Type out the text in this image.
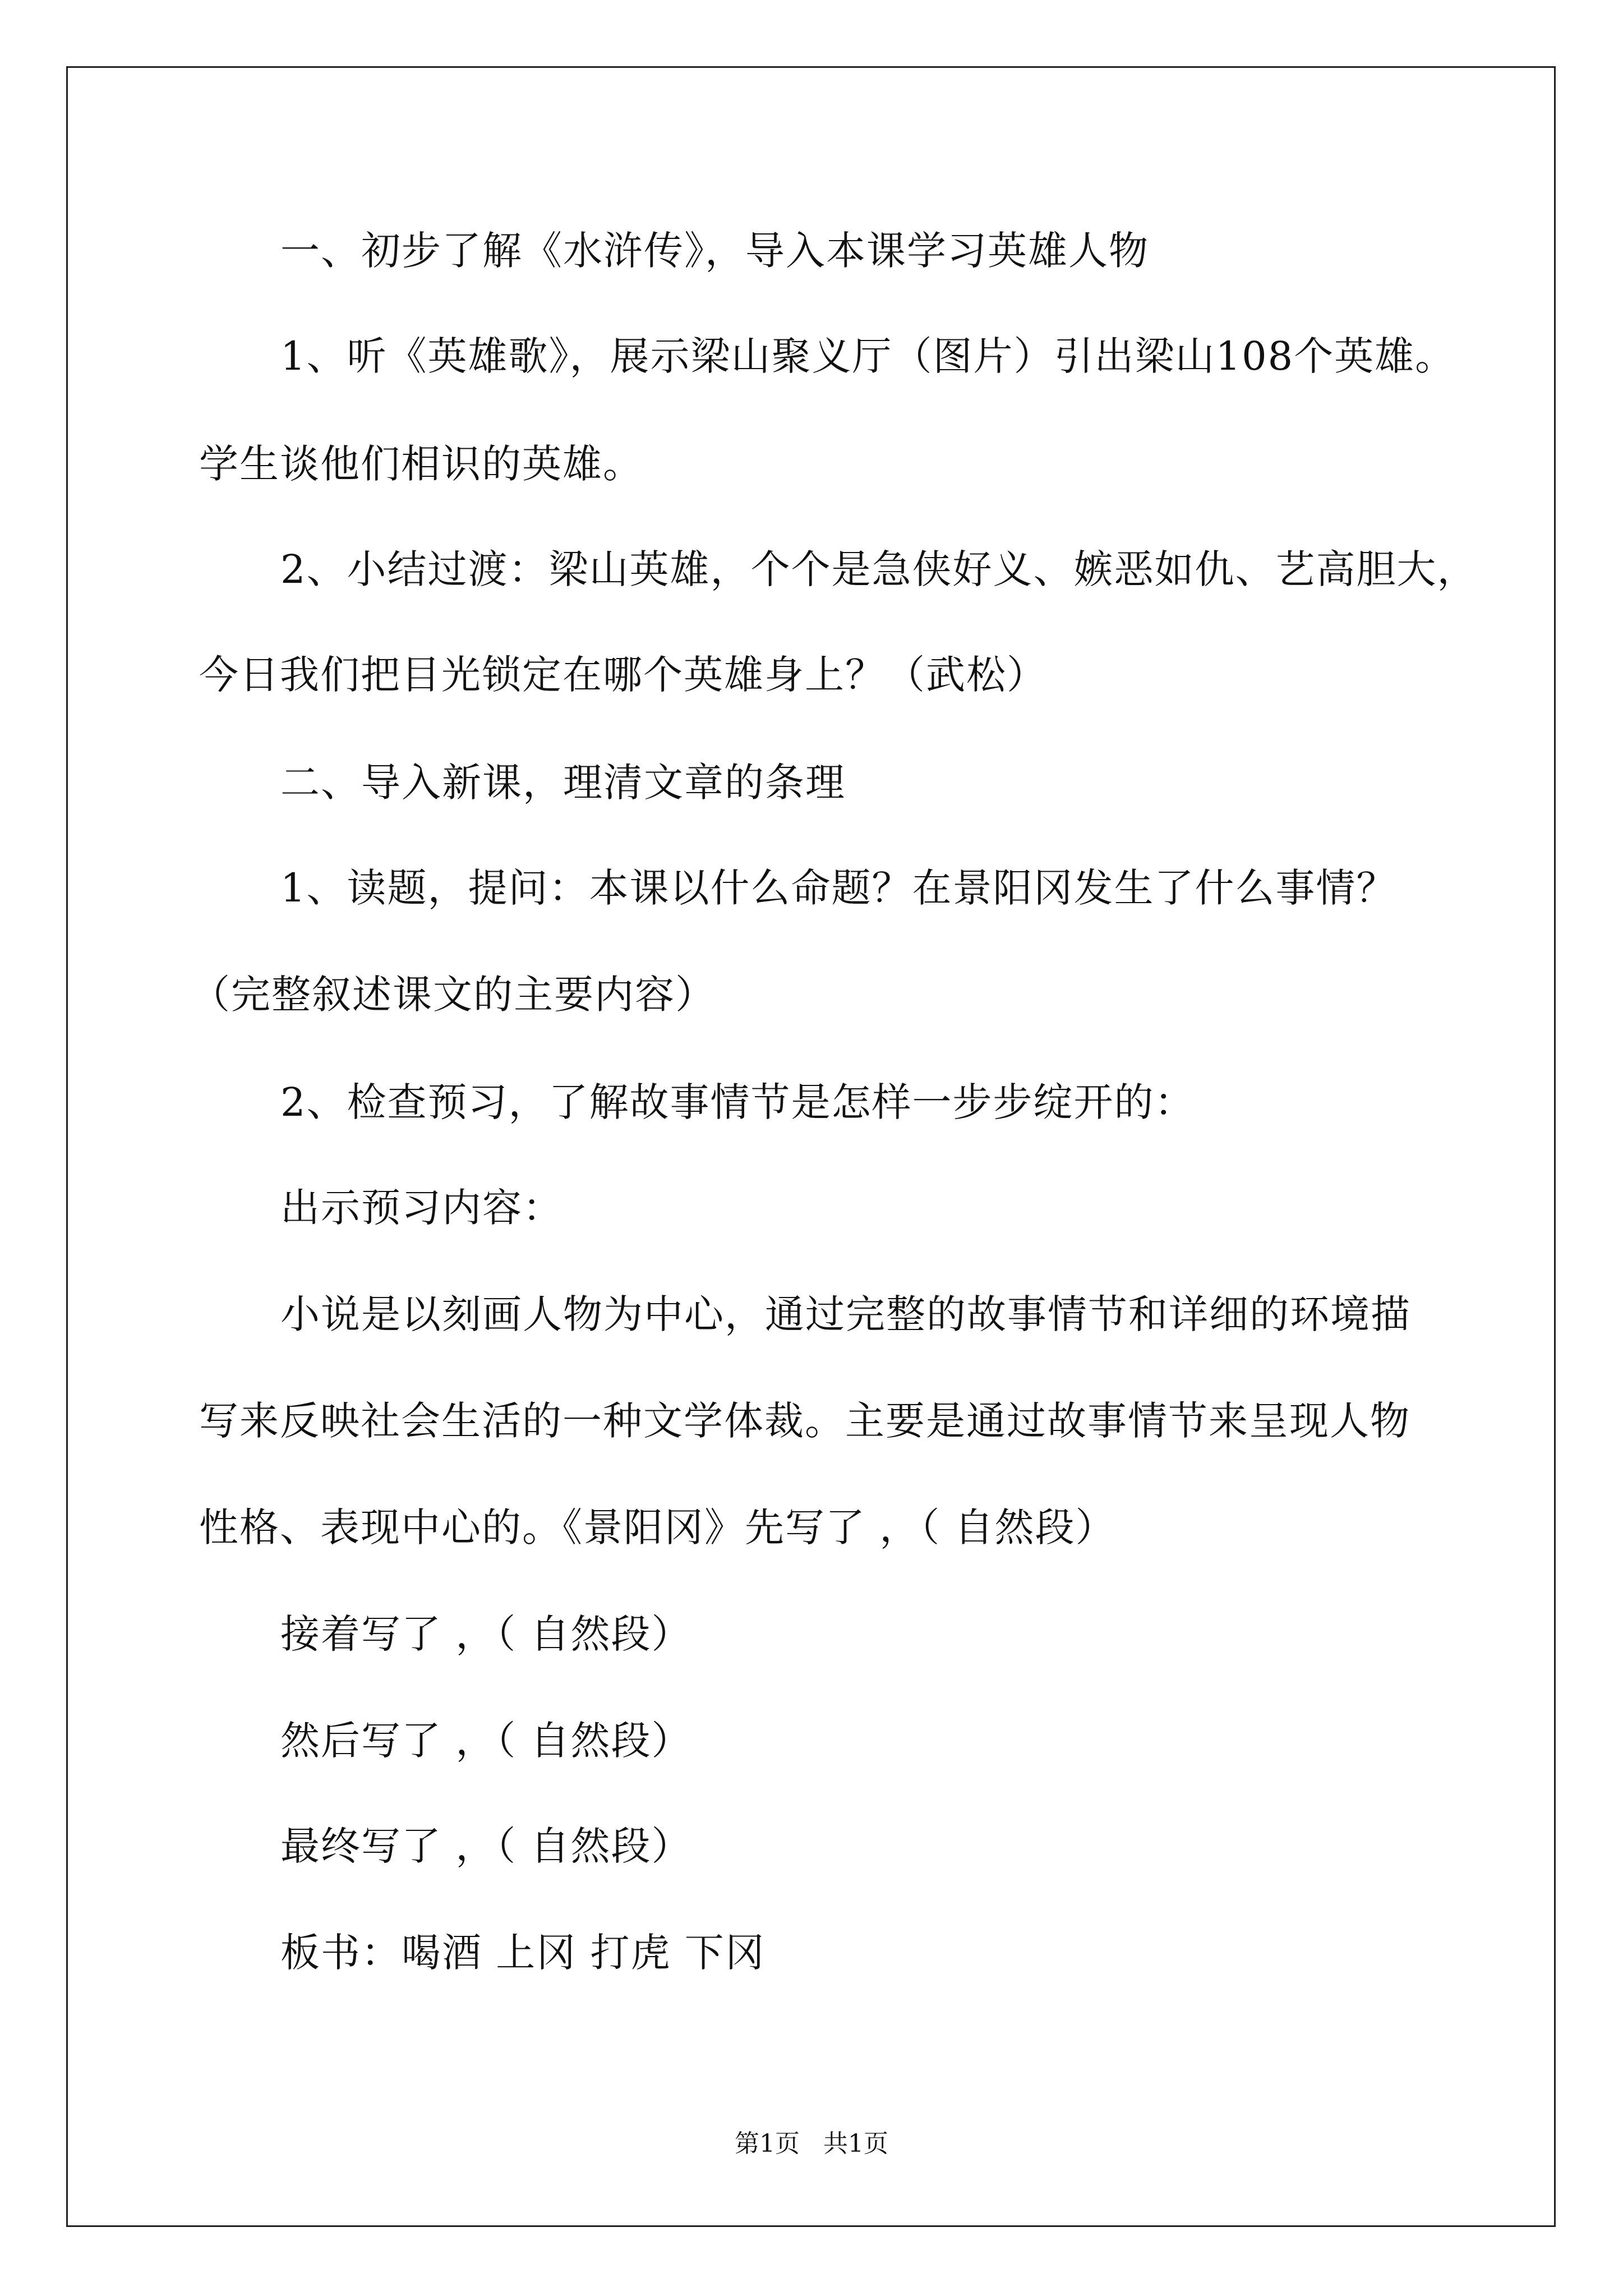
一、初步了解《水浒传》，导入本课学习英雄人物
1、听《英雄歌》，展示梁山聚义厅（图片）引出梁山108个英雄。
学生谈他们相识的英雄。
2、小结过渡：梁山英雄，个个是急侠好义、嫉恶如仇、艺高胆大，
今日我们把目光锁定在哪个英雄身上？（武松）
二、导入新课，理清文章的条理
1、读题，提问：本课以什么命题？在景阳冈发生了什么事情？
（完整叙述课文的主要内容）
2、检查预习，了解故事情节是怎样一步步绽开的：
出示预习内容：
小说是以刻画人物为中心，通过完整的故事情节和详细的环境描
写来反映社会生活的一种文学体裁。主要是通过故事情节来呈现人物
性格、表现中心的。《景阳冈》先写了 ，（ 自然段）
接着写了 ，（ 自然段）
然后写了 ，（ 自然段）
最终写了 ，（ 自然段）
板书：喝酒 上冈 打虎 下冈
第1页   共1页
